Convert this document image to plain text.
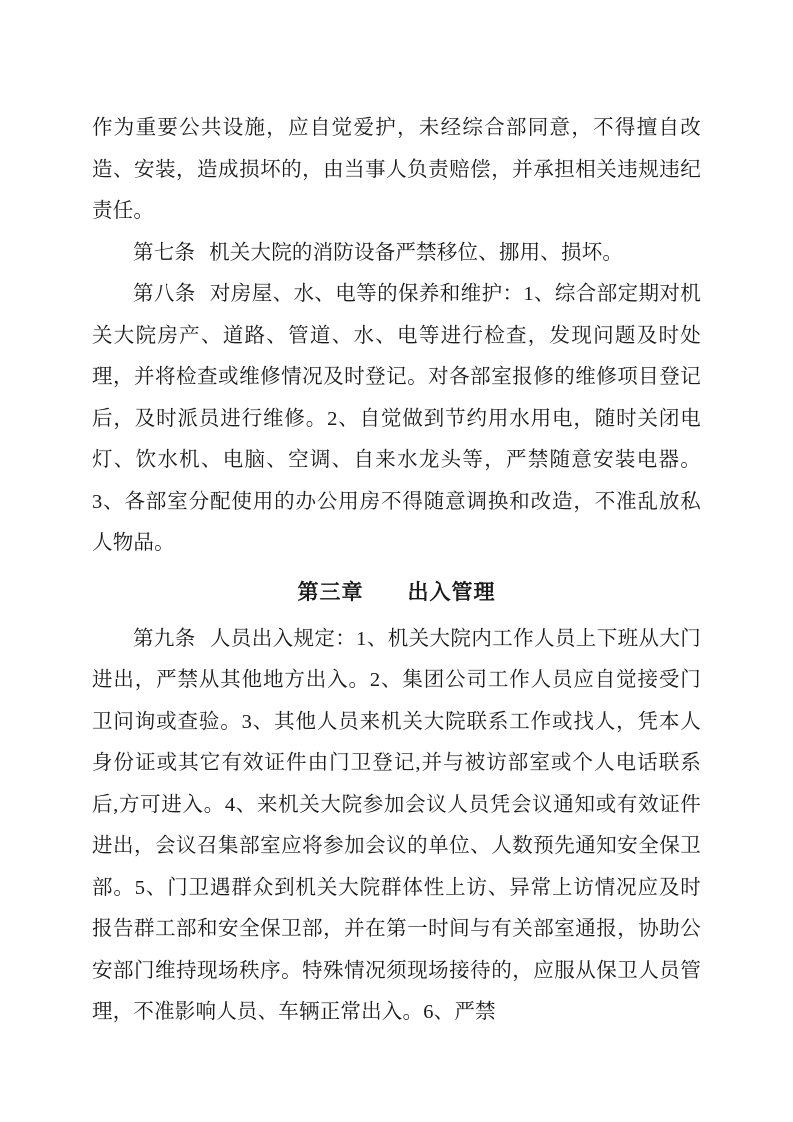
作为重要公共设施，应自觉爱护，未经综合部同意，不得擅自改造、安装，造成损坏的，由当事人负责赔偿，并承担相关违规违纪责任。

第七条 机关大院的消防设备严禁移位、挪用、损坏。

第八条 对房屋、水、电等的保养和维护：1、综合部定期对机关大院房产、道路、管道、水、电等进行检查，发现问题及时处理，并将检查或维修情况及时登记。对各部室报修的维修项目登记后，及时派员进行维修。2、自觉做到节约用水用电，随时关闭电灯、饮水机、电脑、空调、自来水龙头等，严禁随意安装电器。3、各部室分配使用的办公用房不得随意调换和改造，不准乱放私人物品。

第三章　　出入管理

第九条 人员出入规定：1、机关大院内工作人员上下班从大门进出，严禁从其他地方出入。2、集团公司工作人员应自觉接受门卫问询或查验。3、其他人员来机关大院联系工作或找人，凭本人身份证或其它有效证件由门卫登记,并与被访部室或个人电话联系后,方可进入。4、来机关大院参加会议人员凭会议通知或有效证件进出，会议召集部室应将参加会议的单位、人数预先通知安全保卫部。5、门卫遇群众到机关大院群体性上访、异常上访情况应及时报告群工部和安全保卫部，并在第一时间与有关部室通报，协助公安部门维持现场秩序。特殊情况须现场接待的，应服从保卫人员管理，不准影响人员、车辆正常出入。6、严禁
